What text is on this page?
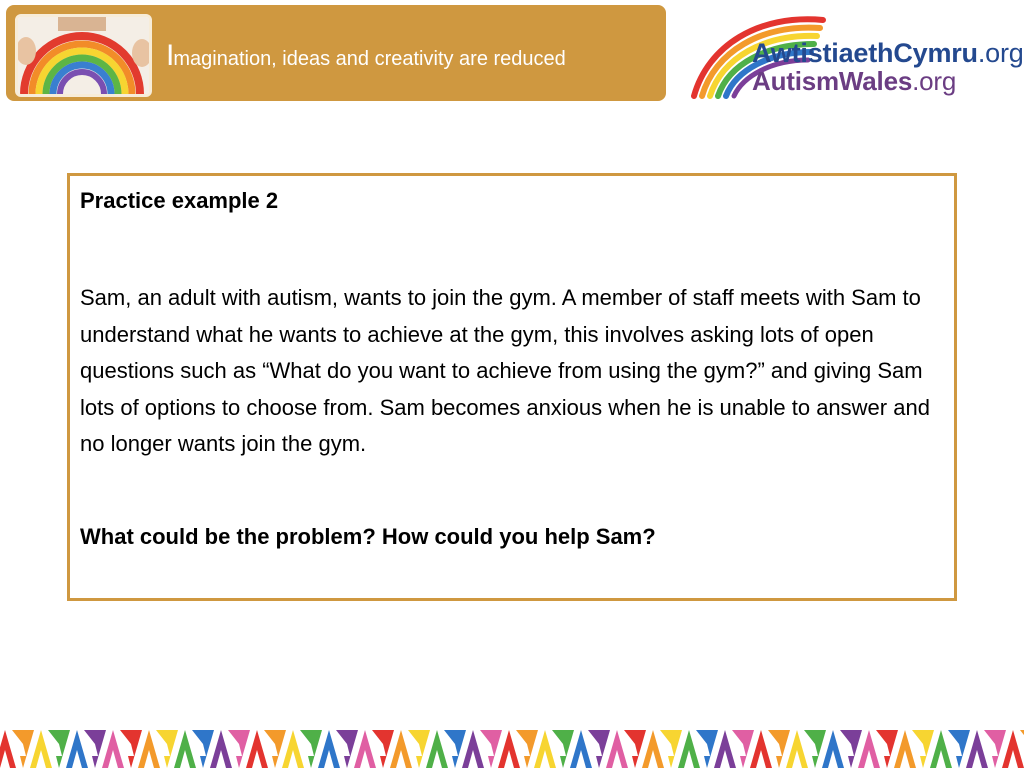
Imagination, ideas and creativity are reduced	AwtistiaethCymru.org
AutismWales.org

Practice example 2

Sam, an adult with autism, wants to join the gym. A member of staff meets with Sam to understand what he wants to achieve at the gym, this involves asking lots of open questions such as “What do you want to achieve from using the gym?” and giving Sam lots of options to choose from. Sam becomes anxious when he is unable to answer and no longer wants join the gym.

What could be the problem? How could you help Sam?
